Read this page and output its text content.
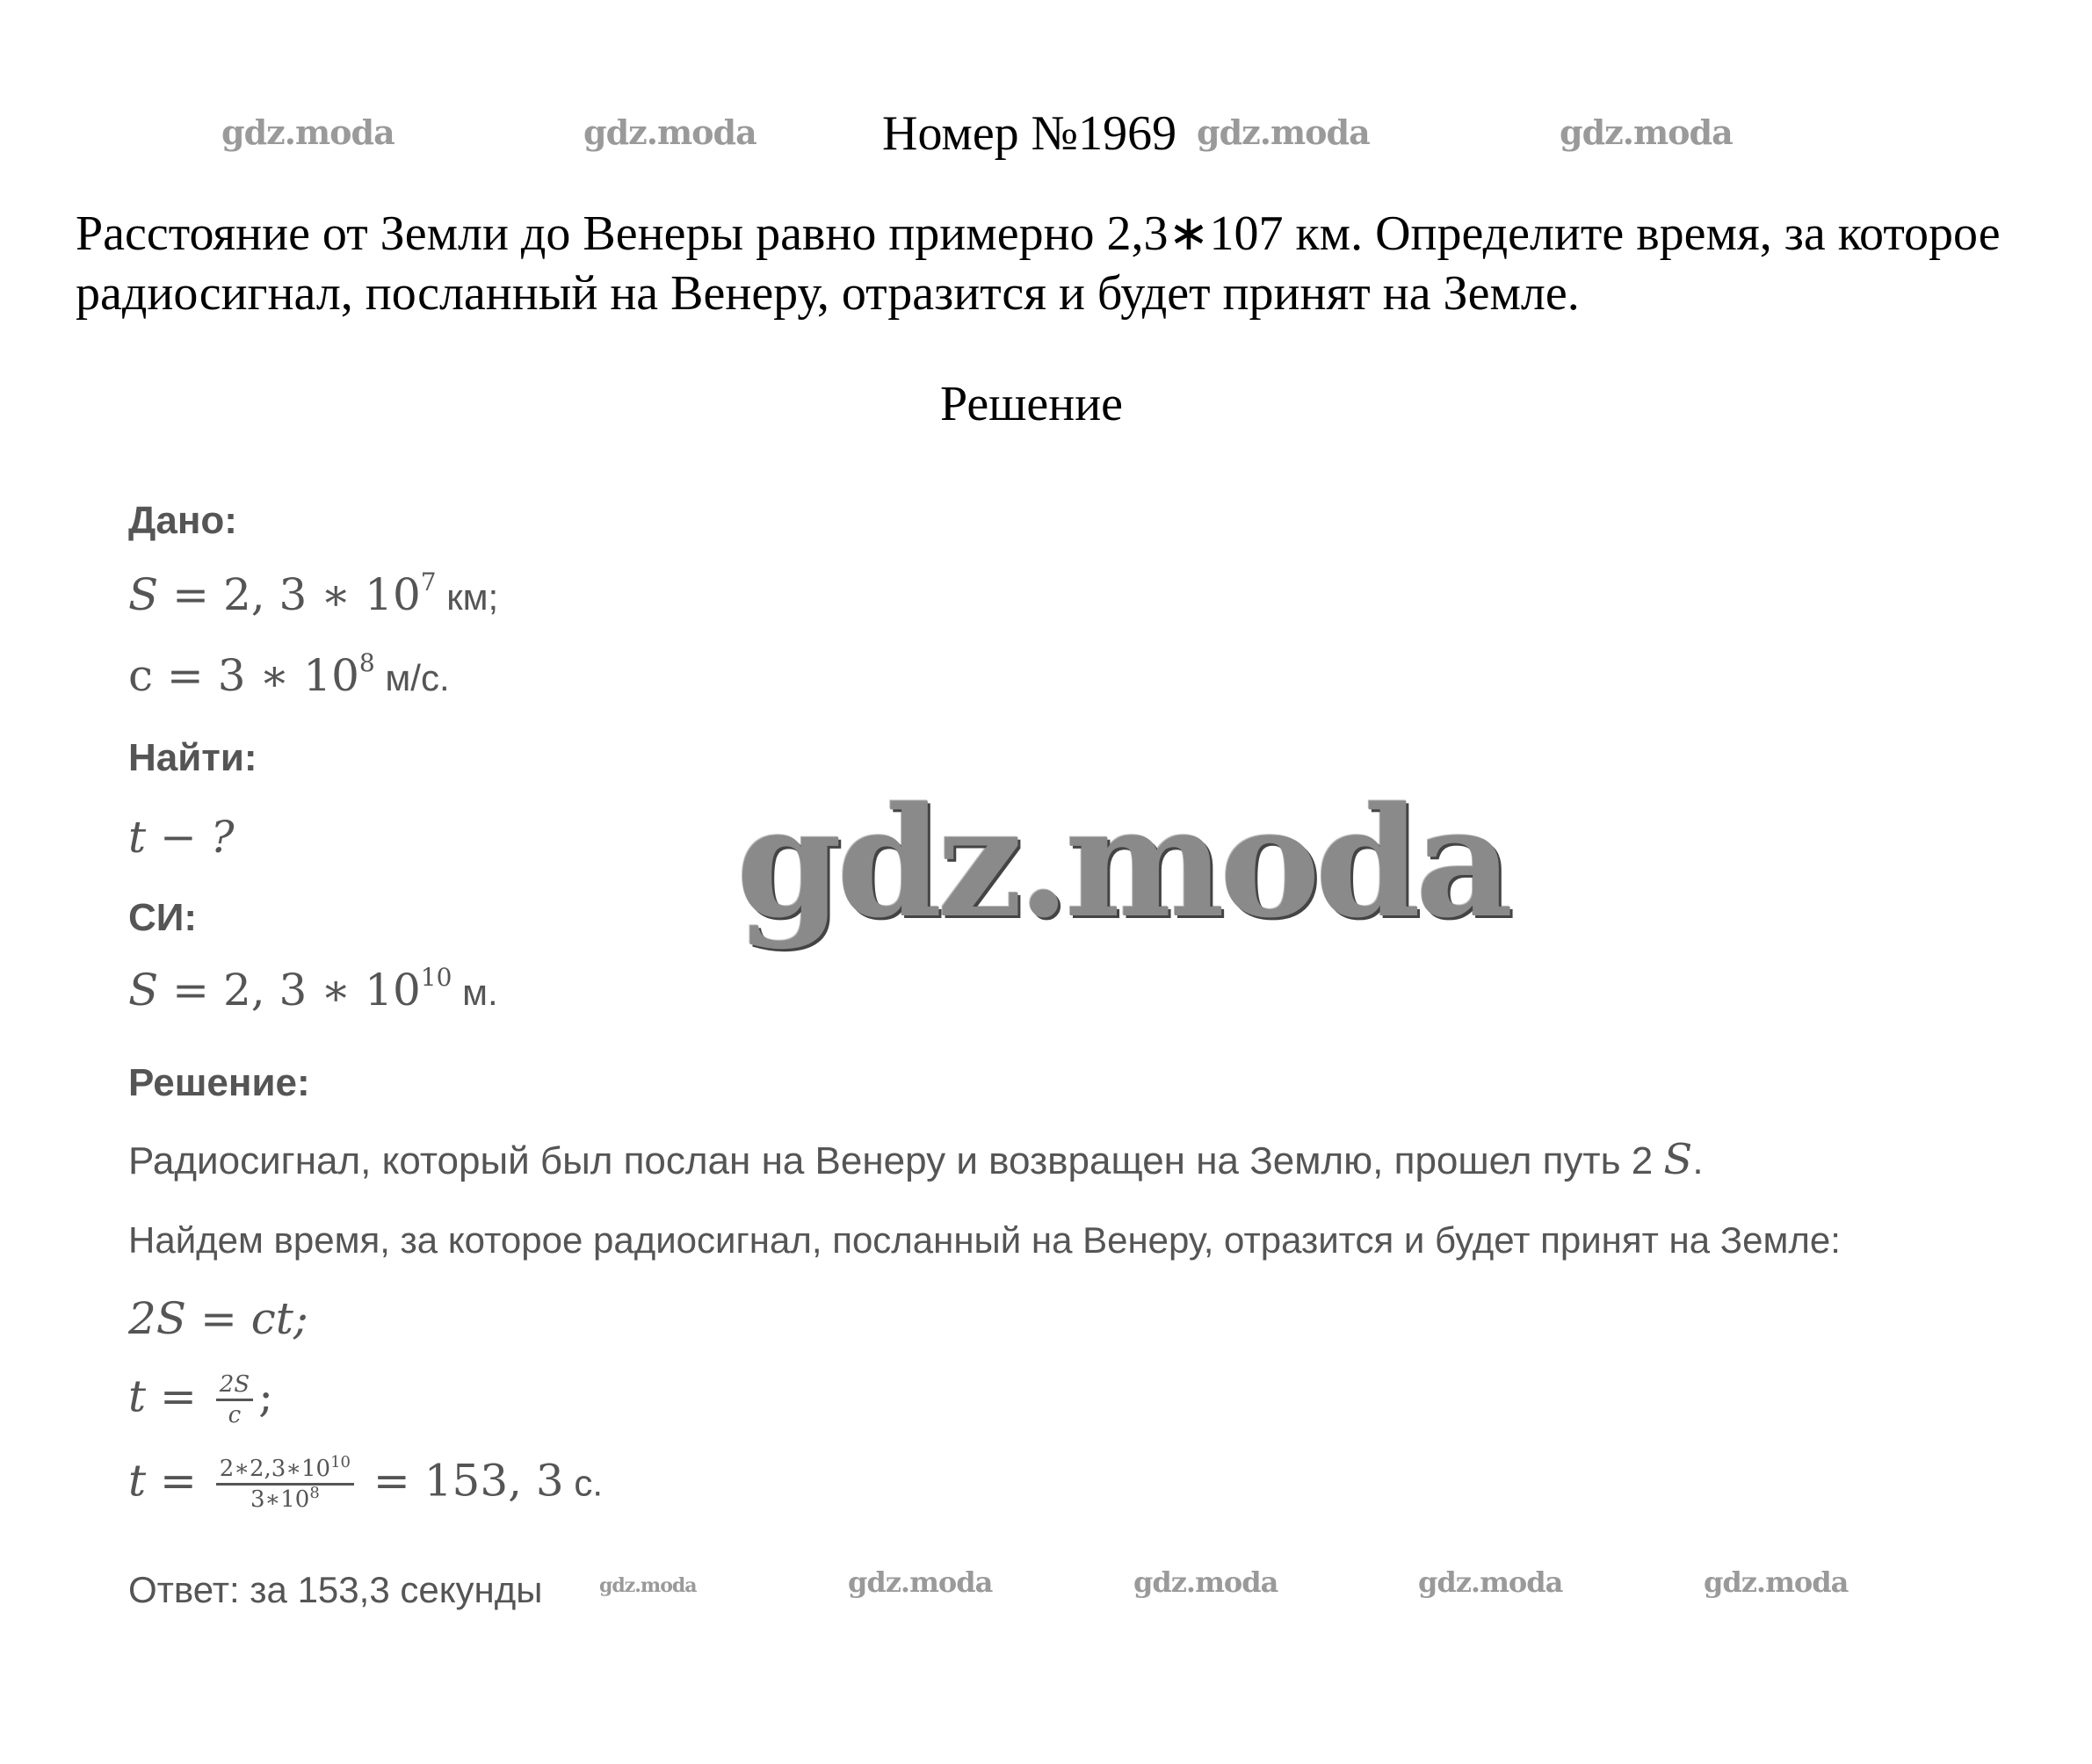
gdz.moda	gdz.moda	gdz.moda	gdz.moda
Номер №1969
Расстояние от Земли до Венеры равно примерно 2,3∗107 км. Определите время, за которое радиосигнал, посланный на Венеру, отразится и будет принят на Земле.
Решение
Дано:
S = 2, 3 ∗ $10^7$ км;
с = 3 ∗ $10^8$ м/с.
Найти:
t − ?
СИ:
S = 2, 3 ∗ $10^{10}$ м.
gdz.moda
Решение:
Радиосигнал, который был послан на Венеру и возвращен на Землю, прошел путь 2 S.
Найдем время, за которое радиосигнал, посланный на Венеру, отразится и будет принят на Земле:
2S = ct;
$t = \frac{2S}{c}$ ;
$t = \frac{2∗2,3∗10^{10}}{3∗10^8} = 153$, 3 с.
Ответ: за 153,3 секунды	gdz.moda	gdz.moda	gdz.moda	gdz.moda	gdz.moda
